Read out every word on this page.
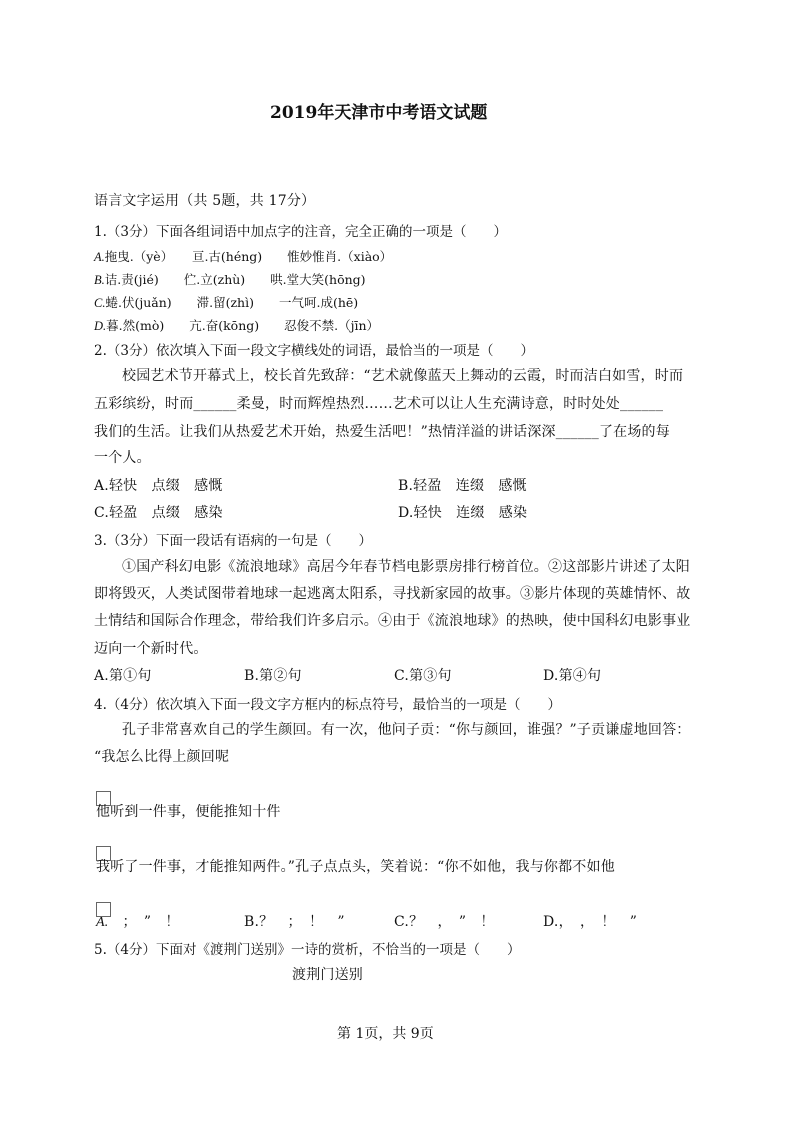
2019年天津市中考语文试题
语言文字运用（共 5题，共 17分）
1.（3分）下面各组词语中加点字的注音，完全正确的一项是（　　）
A.拖曳.（yè）　　亘.古(héng)　　惟妙惟肖.（xiào）
B.诘.责(jié)　　伫.立(zhù)　　哄.堂大笑(hōng)
C.蜷.伏(juǎn)　　滞.留(zhì)　　一气呵.成(hē)
D.暮.然(mò)　　亢.奋(kōng)　　忍俊不禁.（jīn）
2.（3分）依次填入下面一段文字横线处的词语，最恰当的一项是（　　）
校园艺术节开幕式上，校长首先致辞：“艺术就像蓝天上舞动的云霞，时而洁白如雪，时而
五彩缤纷，时而______柔曼，时而辉煌热烈……艺术可以让人生充满诗意，时时处处______
我们的生活。让我们从热爱艺术开始，热爱生活吧！”热情洋溢的讲话深深______了在场的每
一个人。
A.轻快　点缀　感慨	B.轻盈　连缀　感慨
C.轻盈　点缀　感染	D.轻快　连缀　感染
3.（3分）下面一段话有语病的一句是（　　）
①国产科幻电影《流浪地球》高居今年春节档电影票房排行榜首位。②这部影片讲述了太阳
即将毁灭，人类试图带着地球一起逃离太阳系，寻找新家园的故事。③影片体现的英雄情怀、故
土情结和国际合作理念，带给我们许多启示。④由于《流浪地球》的热映，使中国科幻电影事业
迈向一个新时代。
A.第①句	B.第②句	C.第③句	D.第④句
4.（4分）依次填入下面一段文字方框内的标点符号，最恰当的一项是（　　）
孔子非常喜欢自己的学生颜回。有一次，他问子贡：“你与颜回，谁强？”子贡谦虚地回答：
“我怎么比得上颜回呢
他听到一件事，便能推知十件
我听了一件事，才能推知两件。”孔子点点头，笑着说：“你不如他，我与你都不如他
A. ；　”　！	B.？　；　！　”	C.？　，　”　！	D.，　，　！　”
5.（4分）下面对《渡荆门送别》一诗的赏析，不恰当的一项是（　　）
渡荆门送别
第 1页，共 9页
